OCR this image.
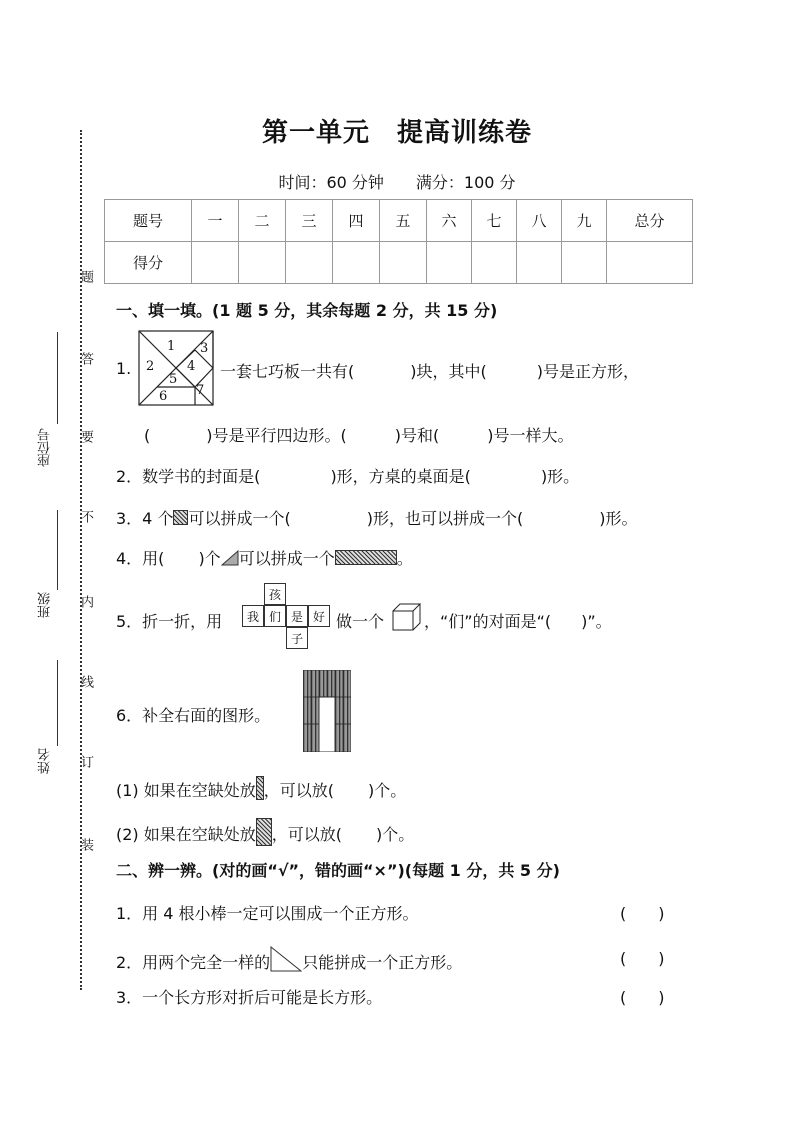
题
答
要
不
内
线
订
装
座位号
班级
姓名
第一单元　提高训练卷
时间：60 分钟　　 满分：100 分
题号	一	二	三	四	五	六	七	八	九	总分
得分										
一、填一填。(1 题 5 分，其余每题 2 分，共 15 分)
1.
1
2
3
4
5
6 7
一套七巧板一共有(	)块，其中(	)号是正方形，
(	)号是平行四边形。(	)号和(	)号一样大。
2．数学书的封面是(	)形，方桌的桌面是(	)形。
3．4 个 可以拼成一个(	)形，也可以拼成一个(	)形。
4．用( )个 可以拼成一个	。
5．折一折，用
孩
我 们 是 好
子
做一个 ，“们”的对面是“( )”。
6．补全右面的图形。
(1) 如果在空缺处放 ，可以放( )个。
(2) 如果在空缺处放 ，可以放( )个。
二、辨一辨。(对的画“√”，错的画“×”)(每题 1 分，共 5 分)
1．用 4 根小棒一定可以围成一个正方形。	(　　)
2．用两个完全一样的 只能拼成一个正方形。	(　　)
3．一个长方形对折后可能是长方形。	(　　)
